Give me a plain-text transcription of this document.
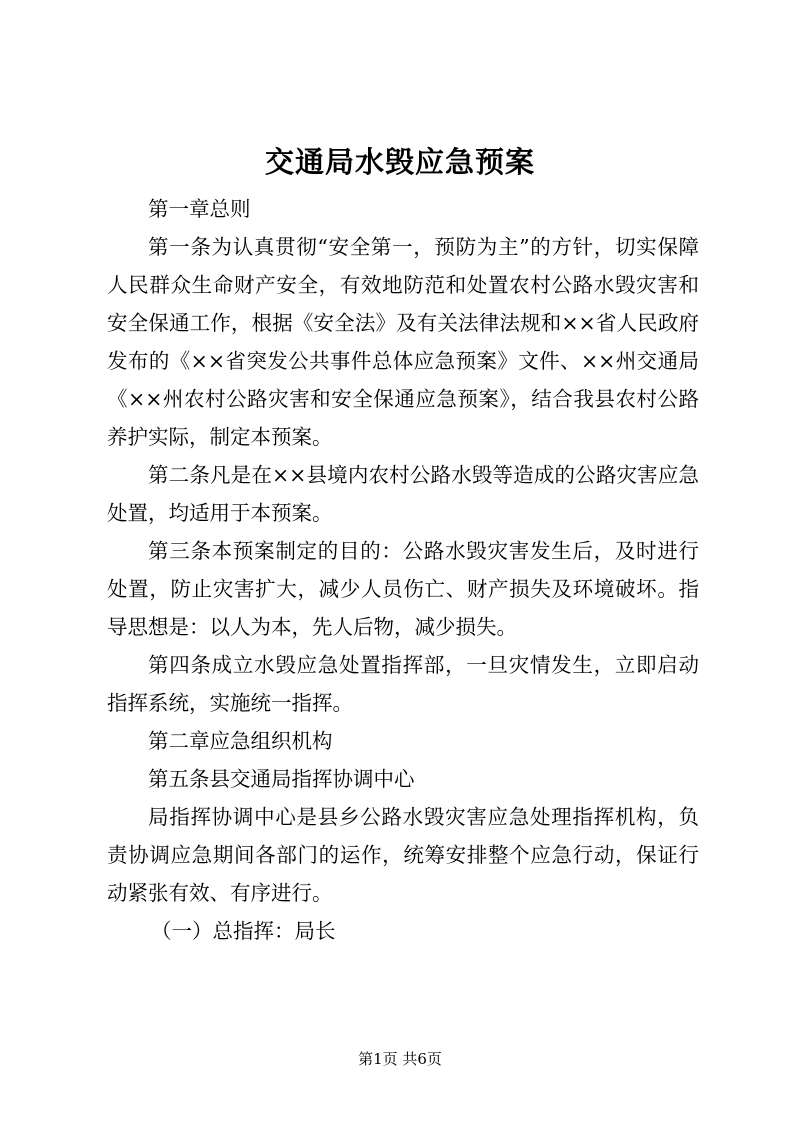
交通局水毁应急预案

第一章总则

第一条为认真贯彻“安全第一，预防为主”的方针，切实保障人民群众生命财产安全，有效地防范和处置农村公路水毁灾害和安全保通工作，根据《安全法》及有关法律法规和××省人民政府发布的《××省突发公共事件总体应急预案》文件、××州交通局《××州农村公路灾害和安全保通应急预案》，结合我县农村公路养护实际，制定本预案。

第二条凡是在××县境内农村公路水毁等造成的公路灾害应急处置，均适用于本预案。

第三条本预案制定的目的：公路水毁灾害发生后，及时进行处置，防止灾害扩大，减少人员伤亡、财产损失及环境破坏。指导思想是：以人为本，先人后物，减少损失。

第四条成立水毁应急处置指挥部，一旦灾情发生，立即启动指挥系统，实施统一指挥。

第二章应急组织机构

第五条县交通局指挥协调中心

局指挥协调中心是县乡公路水毁灾害应急处理指挥机构，负责协调应急期间各部门的运作，统筹安排整个应急行动，保证行动紧张有效、有序进行。

（一）总指挥：局长

第1页 共6页
